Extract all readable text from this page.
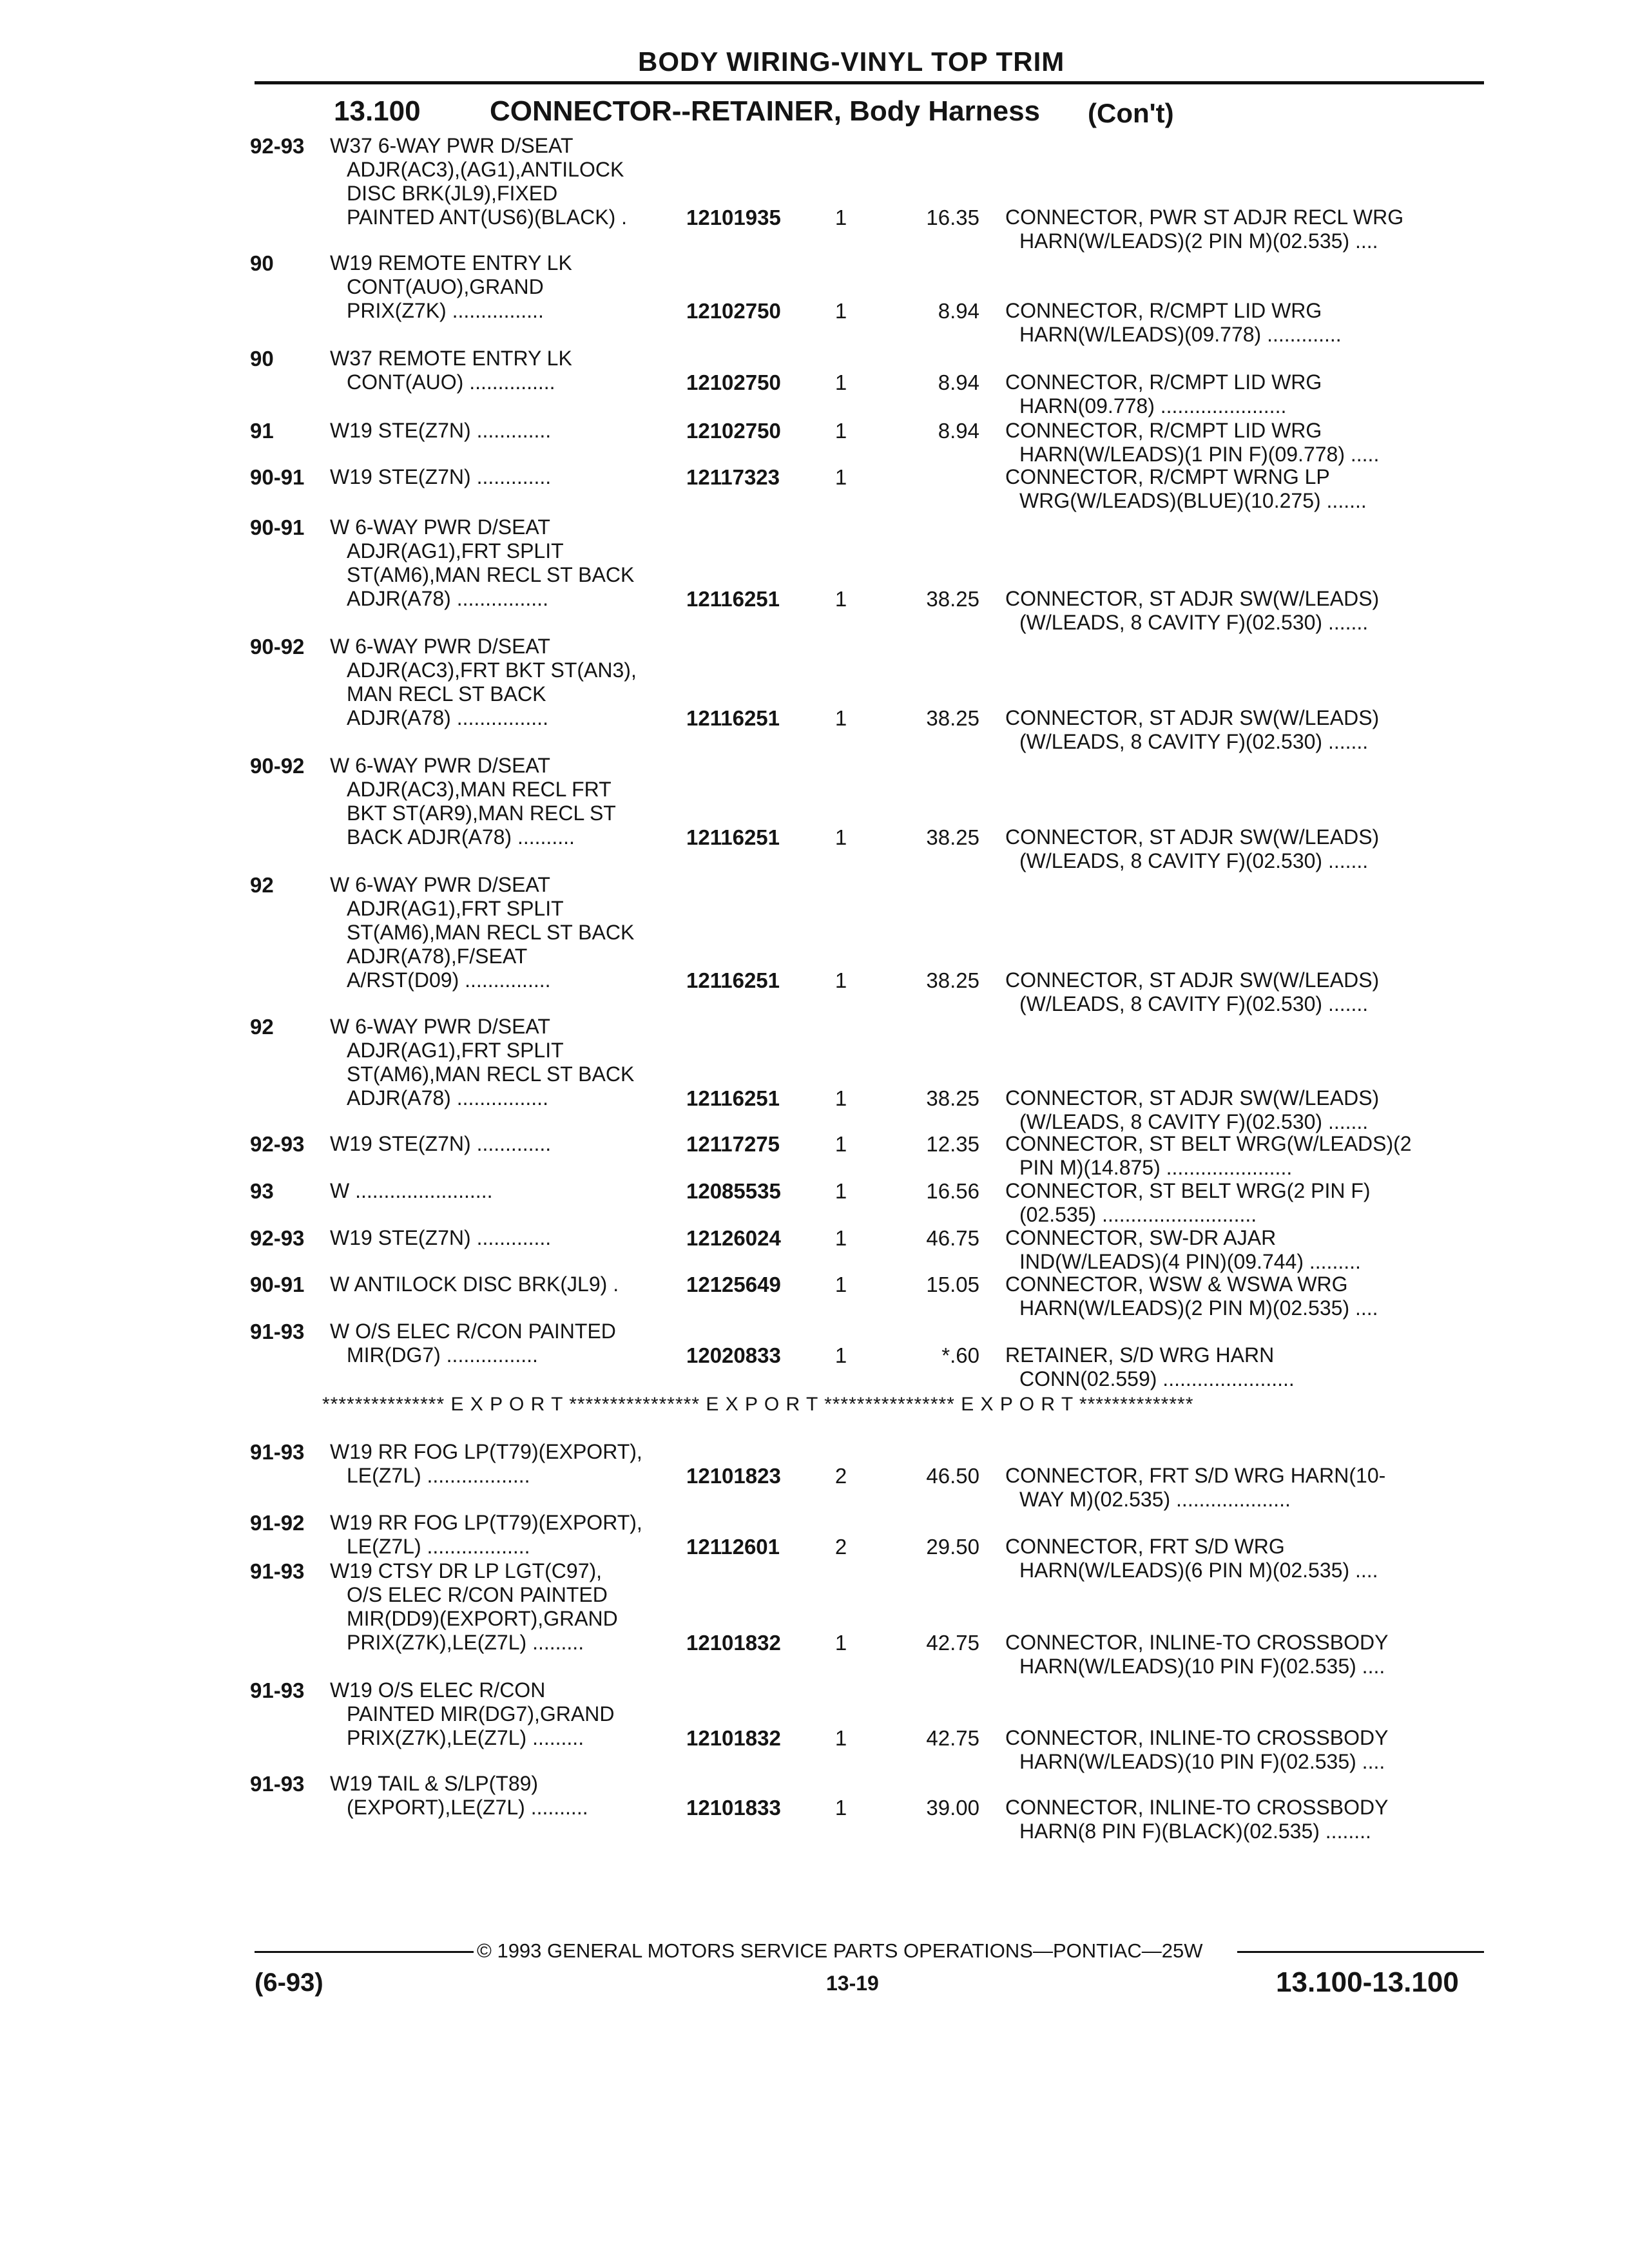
BODY WIRING-VINYL TOP TRIM
13.100 CONNECTOR--RETAINER, Body Harness (Con't)
92-93	W37 6-WAY PWR D/SEAT
ADJR(AC3),(AG1),ANTILOCK
DISC BRK(JL9),FIXED
PAINTED ANT(US6)(BLACK) .	12101935	1	16.35 CONNECTOR, PWR ST ADJR RECL WRG
HARN(W/LEADS)(2 PIN M)(02.535) ....
90	W19 REMOTE ENTRY LK
CONT(AUO),GRAND
PRIX(Z7K) ................	12102750	1	8.94 CONNECTOR, R/CMPT LID WRG
HARN(W/LEADS)(09.778) .............
90	W37 REMOTE ENTRY LK
CONT(AUO) ...............	12102750	1	8.94 CONNECTOR, R/CMPT LID WRG
HARN(09.778) ......................
91	W19 STE(Z7N) .............	12102750	1	8.94 CONNECTOR, R/CMPT LID WRG
HARN(W/LEADS)(1 PIN F)(09.778) .....
90-91	W19 STE(Z7N) .............	12117323	1	CONNECTOR, R/CMPT WRNG LP
WRG(W/LEADS)(BLUE)(10.275) .......
90-91	W 6-WAY PWR D/SEAT
ADJR(AG1),FRT SPLIT
ST(AM6),MAN RECL ST BACK
ADJR(A78) ................	12116251	1	38.25 CONNECTOR, ST ADJR SW(W/LEADS)
(W/LEADS, 8 CAVITY F)(02.530) .......
90-92	W 6-WAY PWR D/SEAT
ADJR(AC3),FRT BKT ST(AN3),
MAN RECL ST BACK
ADJR(A78) ................	12116251	1	38.25 CONNECTOR, ST ADJR SW(W/LEADS)
(W/LEADS, 8 CAVITY F)(02.530) .......
90-92	W 6-WAY PWR D/SEAT
ADJR(AC3),MAN RECL FRT
BKT ST(AR9),MAN RECL ST
BACK ADJR(A78) ..........	12116251	1	38.25 CONNECTOR, ST ADJR SW(W/LEADS)
(W/LEADS, 8 CAVITY F)(02.530) .......
92	W 6-WAY PWR D/SEAT
ADJR(AG1),FRT SPLIT
ST(AM6),MAN RECL ST BACK
ADJR(A78),F/SEAT
A/RST(D09) ...............	12116251	1	38.25 CONNECTOR, ST ADJR SW(W/LEADS)
(W/LEADS, 8 CAVITY F)(02.530) .......
92	W 6-WAY PWR D/SEAT
ADJR(AG1),FRT SPLIT
ST(AM6),MAN RECL ST BACK
ADJR(A78) ................	12116251	1	38.25 CONNECTOR, ST ADJR SW(W/LEADS)
(W/LEADS, 8 CAVITY F)(02.530) .......
92-93	W19 STE(Z7N) .............	12117275	1	12.35 CONNECTOR, ST BELT WRG(W/LEADS)(2
PIN M)(14.875) ......................
93	W ........................	12085535	1	16.56 CONNECTOR, ST BELT WRG(2 PIN F)
(02.535) ...........................
92-93	W19 STE(Z7N) .............	12126024	1	46.75 CONNECTOR, SW-DR AJAR
IND(W/LEADS)(4 PIN)(09.744) .........
90-91	W ANTILOCK DISC BRK(JL9) .	12125649	1	15.05 CONNECTOR, WSW & WSWA WRG
HARN(W/LEADS)(2 PIN M)(02.535) ....
91-93	W O/S ELEC R/CON PAINTED
MIR(DG7) ................	12020833	1	*.60 RETAINER, S/D WRG HARN
CONN(02.559) .......................
91-93	W19 RR FOG LP(T79)(EXPORT),
LE(Z7L) ..................	12101823	2	46.50 CONNECTOR, FRT S/D WRG HARN(10-
WAY M)(02.535) ....................
91-92	W19 RR FOG LP(T79)(EXPORT),
LE(Z7L) ..................	12112601	2	29.50 CONNECTOR, FRT S/D WRG
HARN(W/LEADS)(6 PIN M)(02.535) ....
91-93	W19 CTSY DR LP LGT(C97),
O/S ELEC R/CON PAINTED
MIR(DD9)(EXPORT),GRAND
PRIX(Z7K),LE(Z7L) .........	12101832	1	42.75 CONNECTOR, INLINE-TO CROSSBODY
HARN(W/LEADS)(10 PIN F)(02.535) ....
91-93	W19 O/S ELEC R/CON
PAINTED MIR(DG7),GRAND
PRIX(Z7K),LE(Z7L) .........	12101832	1	42.75 CONNECTOR, INLINE-TO CROSSBODY
HARN(W/LEADS)(10 PIN F)(02.535) ....
91-93	W19 TAIL & S/LP(T89)
(EXPORT),LE(Z7L) ..........	12101833	1	39.00 CONNECTOR, INLINE-TO CROSSBODY
HARN(8 PIN F)(BLACK)(02.535) ........
*************** E X P O R T **************** E X P O R T **************** E X P O R T **************
© 1993 GENERAL MOTORS SERVICE PARTS OPERATIONS—PONTIAC—25W
(6-93)	13-19	13.100-13.100
